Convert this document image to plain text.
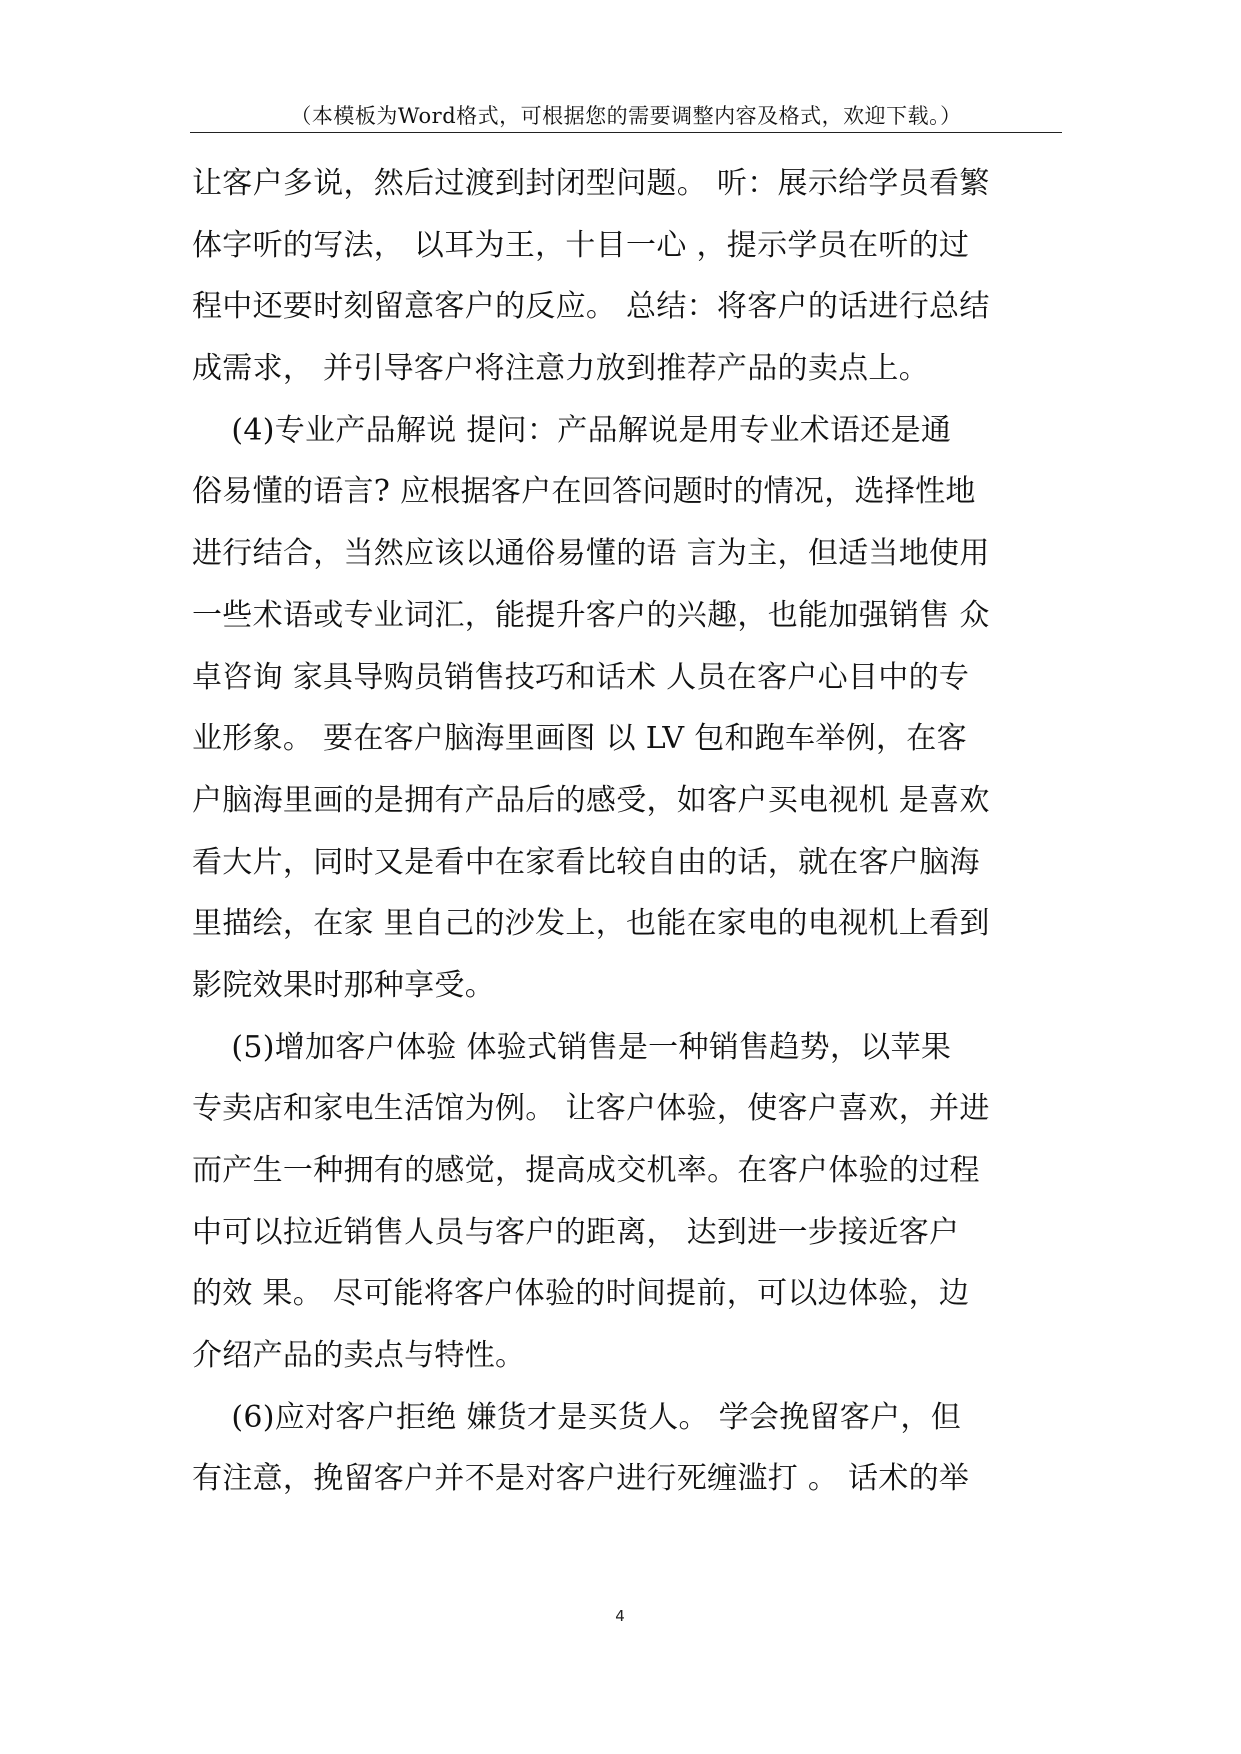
（本模板为Word格式，可根据您的需要调整内容及格式，欢迎下载。）
让客户多说，然后过渡到封闭型问题。 听：展示给学员看繁
体字听的写法， 以耳为王，十目一心 ，提示学员在听的过
程中还要时刻留意客户的反应。 总结：将客户的话进行总结
成需求， 并引导客户将注意力放到推荐产品的卖点上。
(4)专业产品解说 提问：产品解说是用专业术语还是通
俗易懂的语言? 应根据客户在回答问题时的情况，选择性地
进行结合，当然应该以通俗易懂的语 言为主，但适当地使用
一些术语或专业词汇，能提升客户的兴趣，也能加强销售 众
卓咨询 家具导购员销售技巧和话术 人员在客户心目中的专
业形象。 要在客户脑海里画图 以 LV 包和跑车举例，在客
户脑海里画的是拥有产品后的感受，如客户买电视机 是喜欢
看大片，同时又是看中在家看比较自由的话，就在客户脑海
里描绘，在家 里自己的沙发上，也能在家电的电视机上看到
影院效果时那种享受。
(5)增加客户体验 体验式销售是一种销售趋势，以苹果
专卖店和家电生活馆为例。 让客户体验，使客户喜欢，并进
而产生一种拥有的感觉，提高成交机率。在客户体验的过程
中可以拉近销售人员与客户的距离， 达到进一步接近客户
的效 果。 尽可能将客户体验的时间提前，可以边体验，边
介绍产品的卖点与特性。
(6)应对客户拒绝 嫌货才是买货人。 学会挽留客户，但
有注意，挽留客户并不是对客户进行死缠滥打 。 话术的举
4
